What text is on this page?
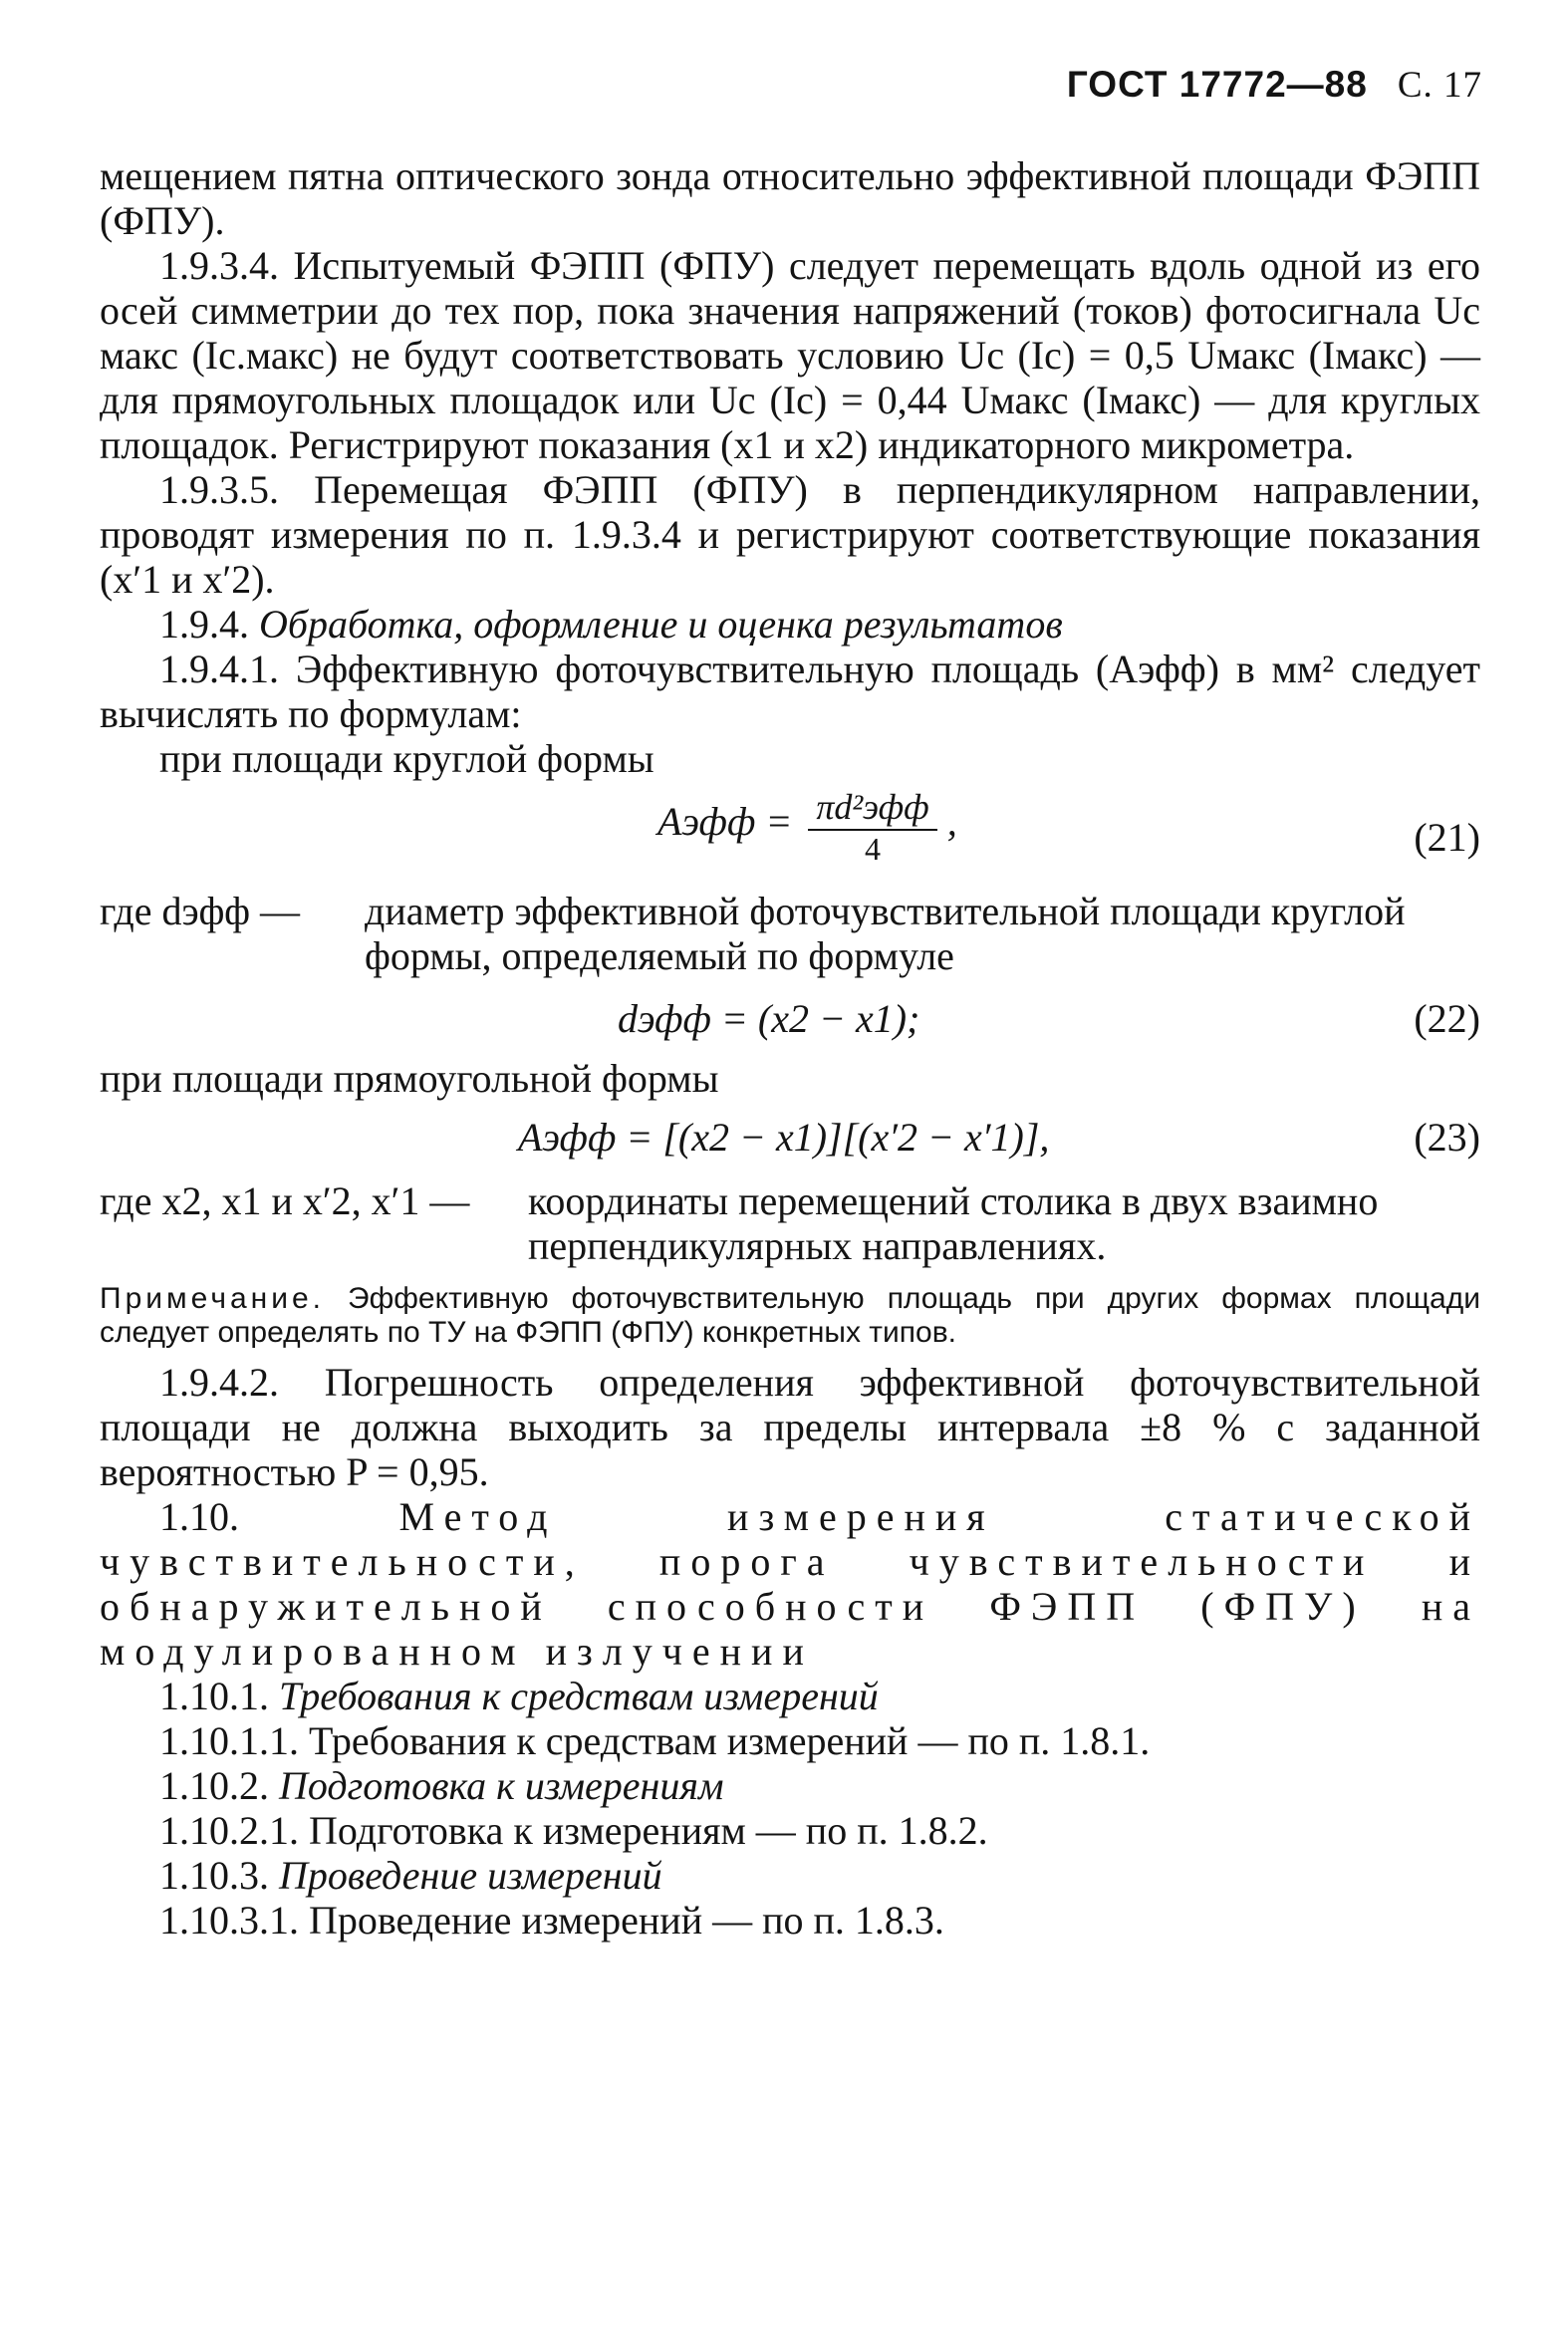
ГОСТ 17772—88 С. 17

мещением пятна оптического зонда относительно эффективной площади ФЭПП (ФПУ).

1.9.3.4. Испытуемый ФЭПП (ФПУ) следует перемещать вдоль одной из его осей симметрии до тех пор, пока значения напряжений (токов) фотосигнала Uс макс (Iс.макс) не будут соответствовать условию Uс (Iс) = 0,5 Uмакс (Iмакс) — для прямоугольных площадок или Uс (Iс) = 0,44 Uмакс (Iмакс) — для круглых площадок. Регистрируют показания (x1 и x2) индикаторного микрометра.

1.9.3.5. Перемещая ФЭПП (ФПУ) в перпендикулярном направлении, проводят измерения по п. 1.9.3.4 и регистрируют соответствующие показания (x′1 и x′2).

1.9.4. Обработка, оформление и оценка результатов

1.9.4.1. Эффективную фоточувствительную площадь (Aэфф) в мм² следует вычислять по формулам:

при площади круглой формы

Aэфф = $\frac{\text{πd²эфф}}{4}$ ,	(21)
где dэфф —	диаметр эффективной фоточувствительной площади круглой формы, определяемый по формуле

dэфф = (x2 − x1);	(22)

при площади прямоугольной формы

Aэфф = [(x2 − x1)][(x′2 − x′1)],	(23)
где x2, x1 и x′2, x′1 —	координаты перемещений столика в двух взаимно перпендикулярных направлениях.

Примечание. Эффективную фоточувствительную площадь при других формах площади следует определять по ТУ на ФЭПП (ФПУ) конкретных типов.

1.9.4.2. Погрешность определения эффективной фоточувствительной площади не должна выходить за пределы интервала ±8 % с заданной вероятностью P = 0,95.

1.10.	Метод измерения статической чувствительности, порога чувствительности и обнаружительной способности ФЭПП (ФПУ) на модулированном излучении

1.10.1. Требования к средствам измерений

1.10.1.1. Требования к средствам измерений — по п. 1.8.1.

1.10.2. Подготовка к измерениям

1.10.2.1. Подготовка к измерениям — по п. 1.8.2.

1.10.3. Проведение измерений

1.10.3.1. Проведение измерений — по п. 1.8.3.
